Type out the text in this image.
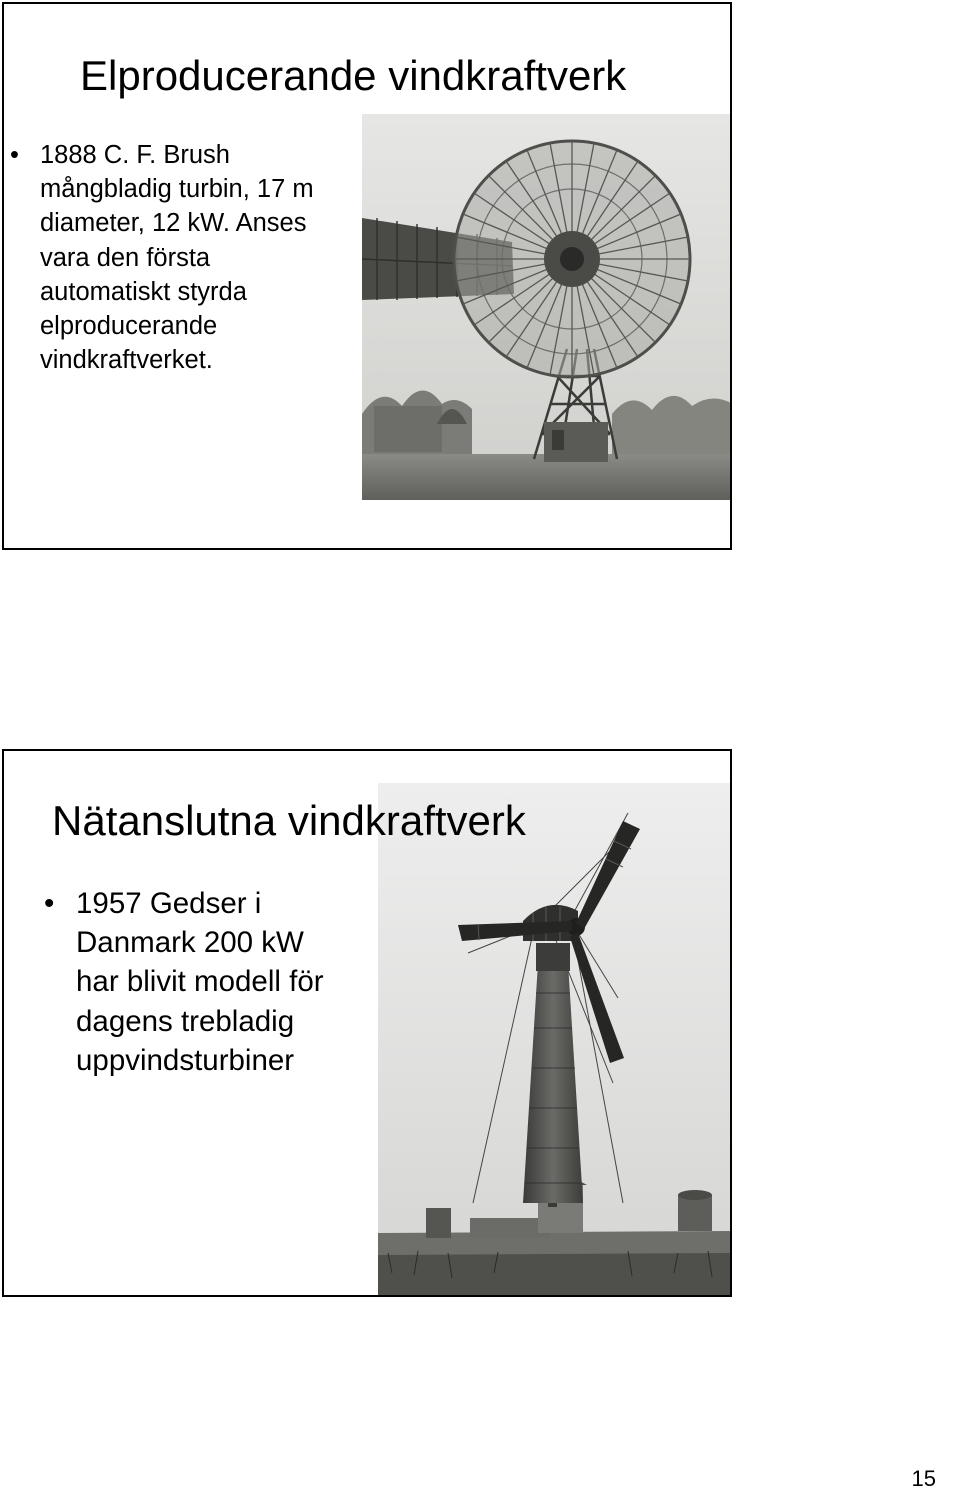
Elproducerande vindkraftverk
• 1888 C. F. Brush
mångbladig turbin, 17 m
diameter, 12 kW. Anses
vara den första
automatiskt styrda
elproducerande
vindkraftverket.
Nätanslutna vindkraftverk
• 1957 Gedser i
Danmark 200 kW
har blivit modell för
dagens trebladig
uppvindsturbiner
15
